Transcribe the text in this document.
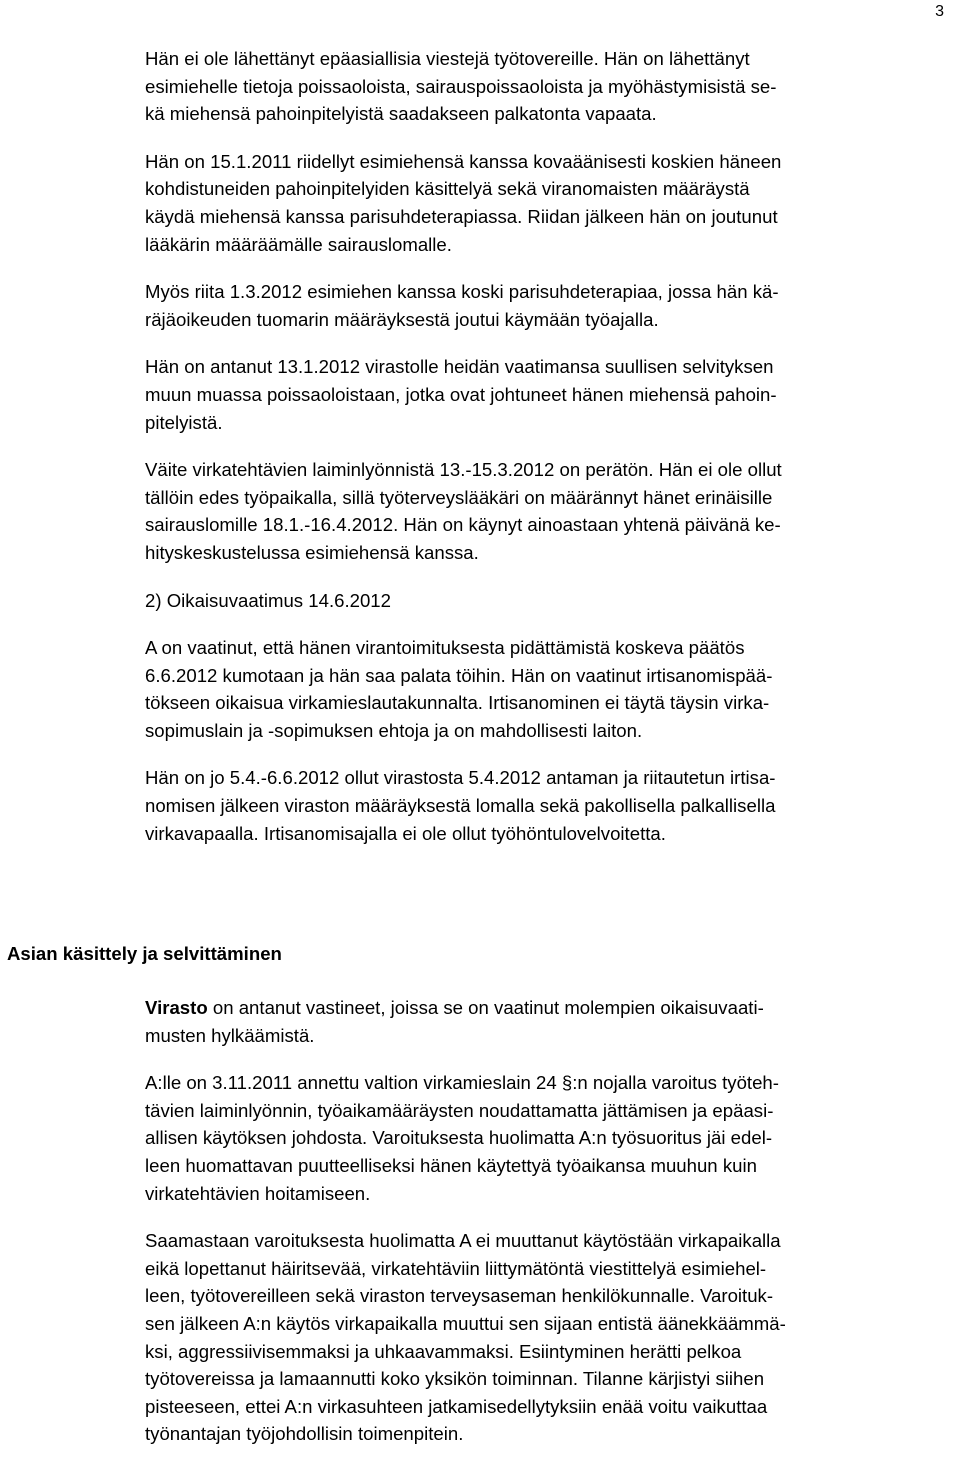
3

Hän ei ole lähettänyt epäasiallisia viestejä työtovereille. Hän on lähettänyt
esimiehelle tietoja poissaoloista, sairauspoissaoloista ja myöhästymisistä se-
kä miehensä pahoinpitelyistä saadakseen palkatonta vapaata.

Hän on 15.1.2011 riidellyt esimiehensä kanssa kovaäänisesti koskien häneen
kohdistuneiden pahoinpitelyiden käsittelyä sekä viranomaisten määräystä
käydä miehensä kanssa parisuhdeterapiassa. Riidan jälkeen hän on joutunut
lääkärin määräämälle sairauslomalle.

Myös riita 1.3.2012 esimiehen kanssa koski parisuhdeterapiaa, jossa hän kä-
räjäoikeuden tuomarin määräyksestä joutui käymään työajalla.

Hän on antanut 13.1.2012 virastolle heidän vaatimansa suullisen selvityksen
muun muassa poissaoloistaan, jotka ovat johtuneet hänen miehensä pahoin-
pitelyistä.

Väite virkatehtävien laiminlyönnistä 13.-15.3.2012 on perätön. Hän ei ole ollut
tällöin edes työpaikalla, sillä työterveyslääkäri on määrännyt hänet erinäisille
sairauslomille 18.1.-16.4.2012. Hän on käynyt ainoastaan yhtenä päivänä ke-
hityskeskustelussa esimiehensä kanssa.

2) Oikaisuvaatimus 14.6.2012

A on vaatinut, että hänen virantoimituksesta pidättämistä koskeva päätös
6.6.2012 kumotaan ja hän saa palata töihin. Hän on vaatinut irtisanomispää-
tökseen oikaisua virkamieslautakunnalta. Irtisanominen ei täytä täysin virka-
sopimuslain ja -sopimuksen ehtoja ja on mahdollisesti laiton.

Hän on jo 5.4.-6.6.2012 ollut virastosta 5.4.2012 antaman ja riitautetun irtisa-
nomisen jälkeen viraston määräyksestä lomalla sekä pakollisella palkallisella
virkavapaalla. Irtisanomisajalla ei ole ollut työhöntulovelvoitetta.

Asian käsittely ja selvittäminen

Virasto on antanut vastineet, joissa se on vaatinut molempien oikaisuvaati-
musten hylkäämistä.

A:lle on 3.11.2011 annettu valtion virkamieslain 24 §:n nojalla varoitus työteh-
tävien laiminlyönnin, työaikamääräysten noudattamatta jättämisen ja epäasi-
allisen käytöksen johdosta. Varoituksesta huolimatta A:n työsuoritus jäi edel-
leen huomattavan puutteelliseksi hänen käytettyä työaikansa muuhun kuin
virkatehtävien hoitamiseen.

Saamastaan varoituksesta huolimatta A ei muuttanut käytöstään virkapaikalla
eikä lopettanut häiritsevää, virkatehtäviin liittymätöntä viestittelyä esimiehel-
leen, työtovereilleen sekä viraston terveysaseman henkilökunnalle. Varoituk-
sen jälkeen A:n käytös virkapaikalla muuttui sen sijaan entistä äänekkäämmä-
ksi, aggressiivisemmaksi ja uhkaavammaksi. Esiintyminen herätti pelkoa
työtovereissa ja lamaannutti koko yksikön toiminnan. Tilanne kärjistyi siihen
pisteeseen, ettei A:n virkasuhteen jatkamisedellytyksiin enää voitu vaikuttaa
työnantajan työjohdollisin toimenpitein.
